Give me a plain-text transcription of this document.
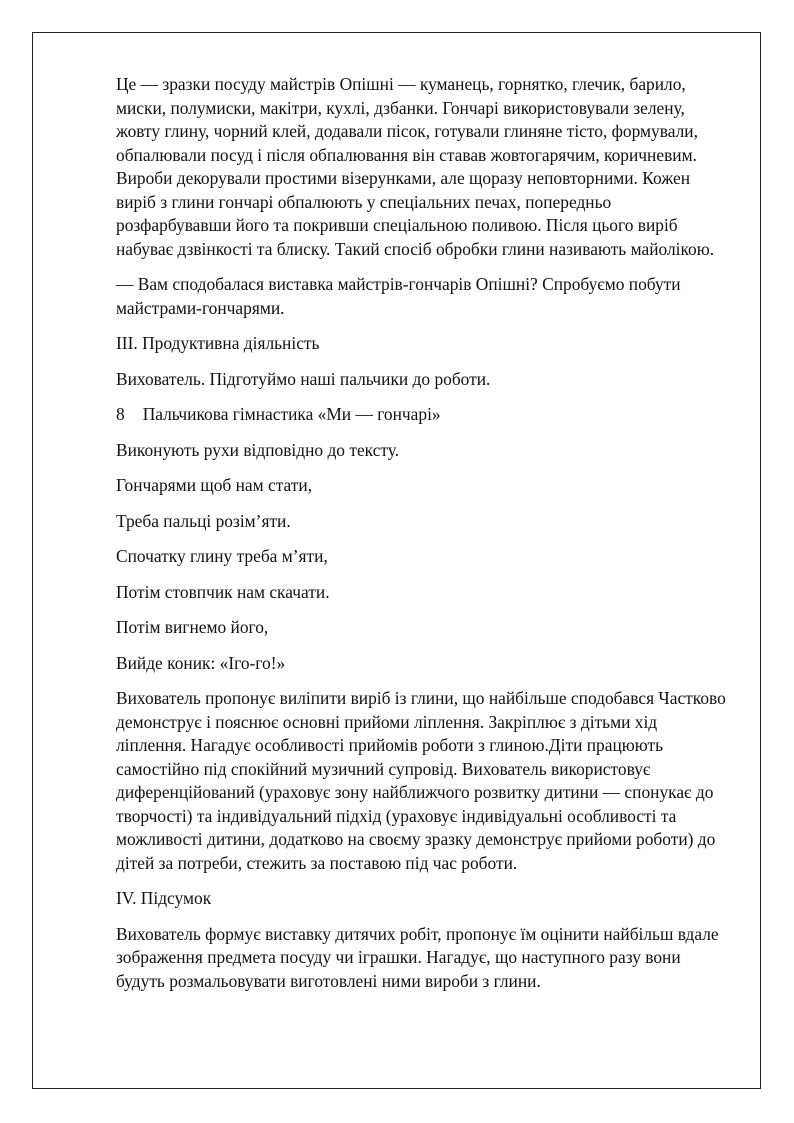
Це — зразки посуду майстрів Опішні — куманець, горнятко, глечик, барило, миски, полумиски, макітри, кухлі, дзбанки. Гончарі використовували зелену, жовту глину, чорний клей, додавали пісок, готували глиняне тісто, формували, обпалювали посуд і після обпалювання він ставав жовтогарячим, коричневим. Вироби декорували простими візерунками, але щоразу неповторними. Кожен виріб з глини гончарі обпалюють у спеціальних печах, попередньо розфарбувавши його та покривши спеціальною поливою. Після цього виріб набуває дзвінкості та блиску. Такий спосіб обробки глини називають майолікою.

— Вам сподобалася виставка майстрів-гончарів Опішні? Спробуємо побути майстрами-гончарями.

ІІІ. Продуктивна діяльність

Вихователь. Підготуймо наші пальчики до роботи.

8 Пальчикова гімнастика «Ми — гончарі»

Виконують рухи відповідно до тексту.

Гончарями щоб нам стати,

Треба пальці розім’яти.

Спочатку глину треба м’яти,

Потім стовпчик нам скачати.

Потім вигнемо його,

Вийде коник: «Іго-го!»

Вихователь пропонує виліпити виріб із глини, що найбільше сподобався Частково демонструє і пояснює основні прийоми ліплення. Закріплює з дітьми хід ліплення. Нагадує особливості прийомів роботи з глиною.Діти працюють самостійно під спокійний музичний супровід. Вихователь використовує диференційований (ураховує зону найближчого розвитку дитини — спонукає до творчості) та індивідуальний підхід (ураховує індивідуальні особливості та можливості дитини, додатково на своєму зразку демонструє прийоми роботи) до дітей за потреби, стежить за поставою під час роботи.

ІV. Підсумок

Вихователь формує виставку дитячих робіт, пропонує їм оцінити найбільш вдале зображення предмета посуду чи іграшки. Нагадує, що наступного разу вони будуть розмальовувати виготовлені ними вироби з глини.
